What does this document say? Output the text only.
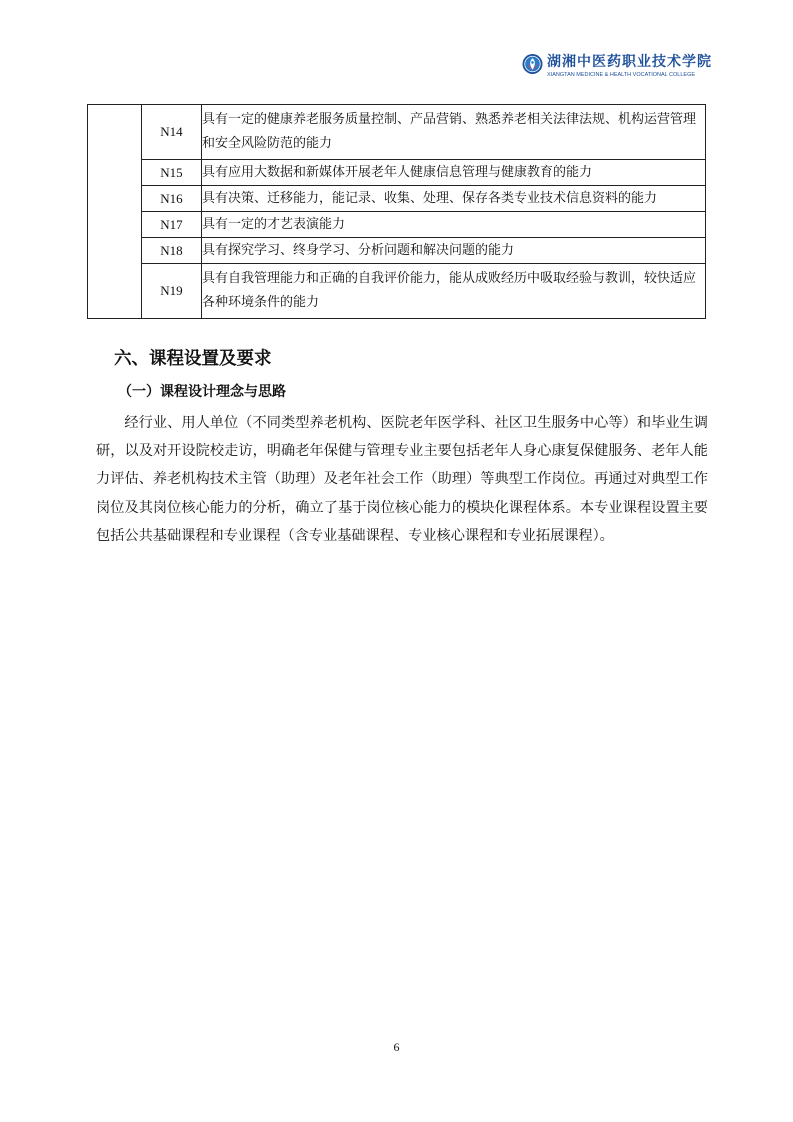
湖湘中医药职业技术学院
XIANGTAN MEDICINE & HEALTH VOCATIONAL COLLEGE
	N14	具有一定的健康养老服务质量控制、产品营销、熟悉养老相关法律法规、机构运营管理和安全风险防范的能力
	N15	具有应用大数据和新媒体开展老年人健康信息管理与健康教育的能力
	N16	具有决策、迁移能力，能记录、收集、处理、保存各类专业技术信息资料的能力
	N17	具有一定的才艺表演能力
	N18	具有探究学习、终身学习、分析问题和解决问题的能力
	N19	具有自我管理能力和正确的自我评价能力，能从成败经历中吸取经验与教训，较快适应各种环境条件的能力
六、课程设置及要求
（一）课程设计理念与思路

经行业、用人单位（不同类型养老机构、医院老年医学科、社区卫生服务中心等）和毕业生调研，以及对开设院校走访，明确老年保健与管理专业主要包括老年人身心康复保健服务、老年人能力评估、养老机构技术主管（助理）及老年社会工作（助理）等典型工作岗位。再通过对典型工作岗位及其岗位核心能力的分析，确立了基于岗位核心能力的模块化课程体系。本专业课程设置主要包括公共基础课程和专业课程（含专业基础课程、专业核心课程和专业拓展课程）。

6
